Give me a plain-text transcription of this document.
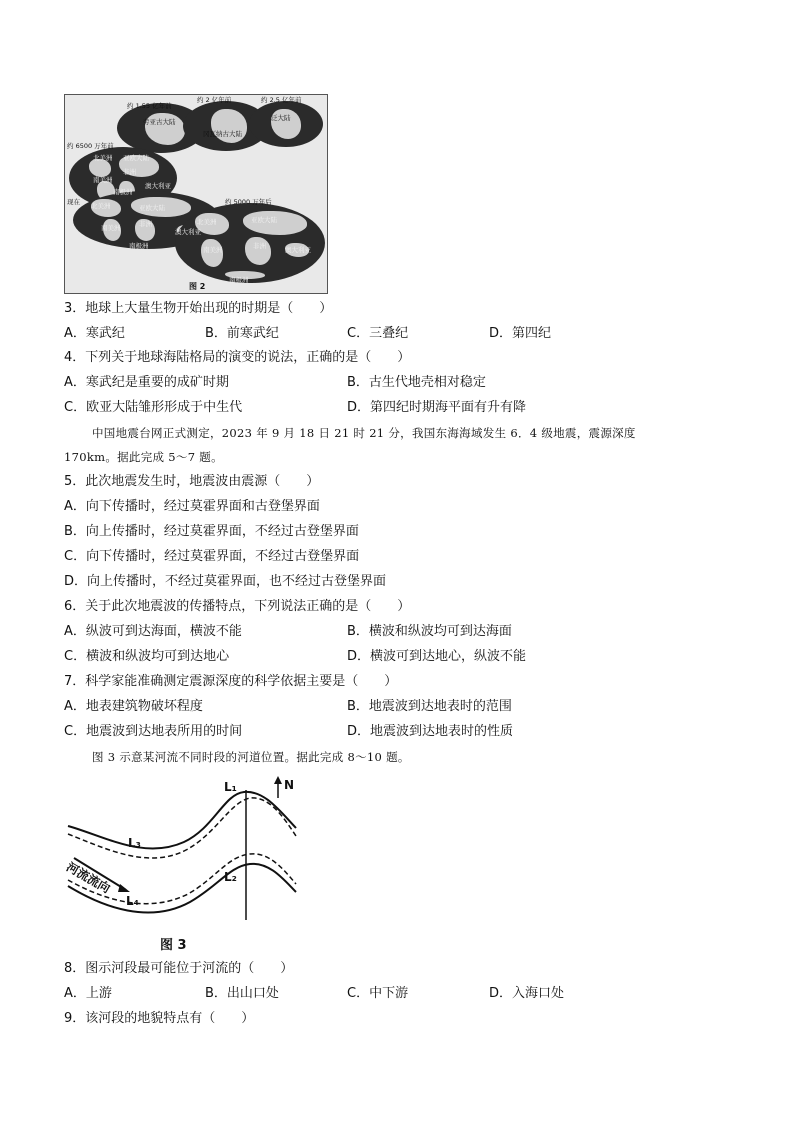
约 1.55 亿年前
约 2 亿年前	约 2.5 亿年前
约 6500 万年前
现在	约 5000 万年后
泛大陆
劳亚古大陆
冈瓦纳古大陆
北美洲 亚欧大陆
非洲
南美洲
澳大利亚
南极洲
北美洲	亚欧大陆
非洲
南美洲	澳大利亚
南极洲
北美洲	亚欧大陆
非洲
南美洲	澳大利亚
南极洲
图 2
3．地球上大量生物开始出现的时期是（　　）
A．寒武纪	B．前寒武纪	C．三叠纪	D．第四纪
4．下列关于地球海陆格局的演变的说法，正确的是（　　）
A．寒武纪是重要的成矿时期	B．古生代地壳相对稳定
C．欧亚大陆雏形形成于中生代	D．第四纪时期海平面有升有降
中国地震台网正式测定，2023 年 9 月 18 日 21 时 21 分，我国东海海域发生 6．4 级地震，震源深度
170km。据此完成 5～7 题。
5．此次地震发生时，地震波由震源（　　）
A．向下传播时，经过莫霍界面和古登堡界面
B．向上传播时，经过莫霍界面，不经过古登堡界面
C．向下传播时，经过莫霍界面，不经过古登堡界面
D．向上传播时，不经过莫霍界面，也不经过古登堡界面
6．关于此次地震波的传播特点，下列说法正确的是（　　）
A．纵波可到达海面，横波不能	B．横波和纵波均可到达海面
C．横波和纵波均可到达地心	D．横波可到达地心，纵波不能
7．科学家能准确测定震源深度的科学依据主要是（　　）
A．地表建筑物破坏程度	B．地震波到达地表时的范围
C．地震波到达地表所用的时间	D．地震波到达地表时的性质
图 3 示意某河流不同时段的河道位置。据此完成 8～10 题。
L₁
L₂
L₃
L₄
N
河流流向
图 3
8．图示河段最可能位于河流的（　　）
A．上游	B．出山口处	C．中下游	D．入海口处
9．该河段的地貌特点有（　　）
